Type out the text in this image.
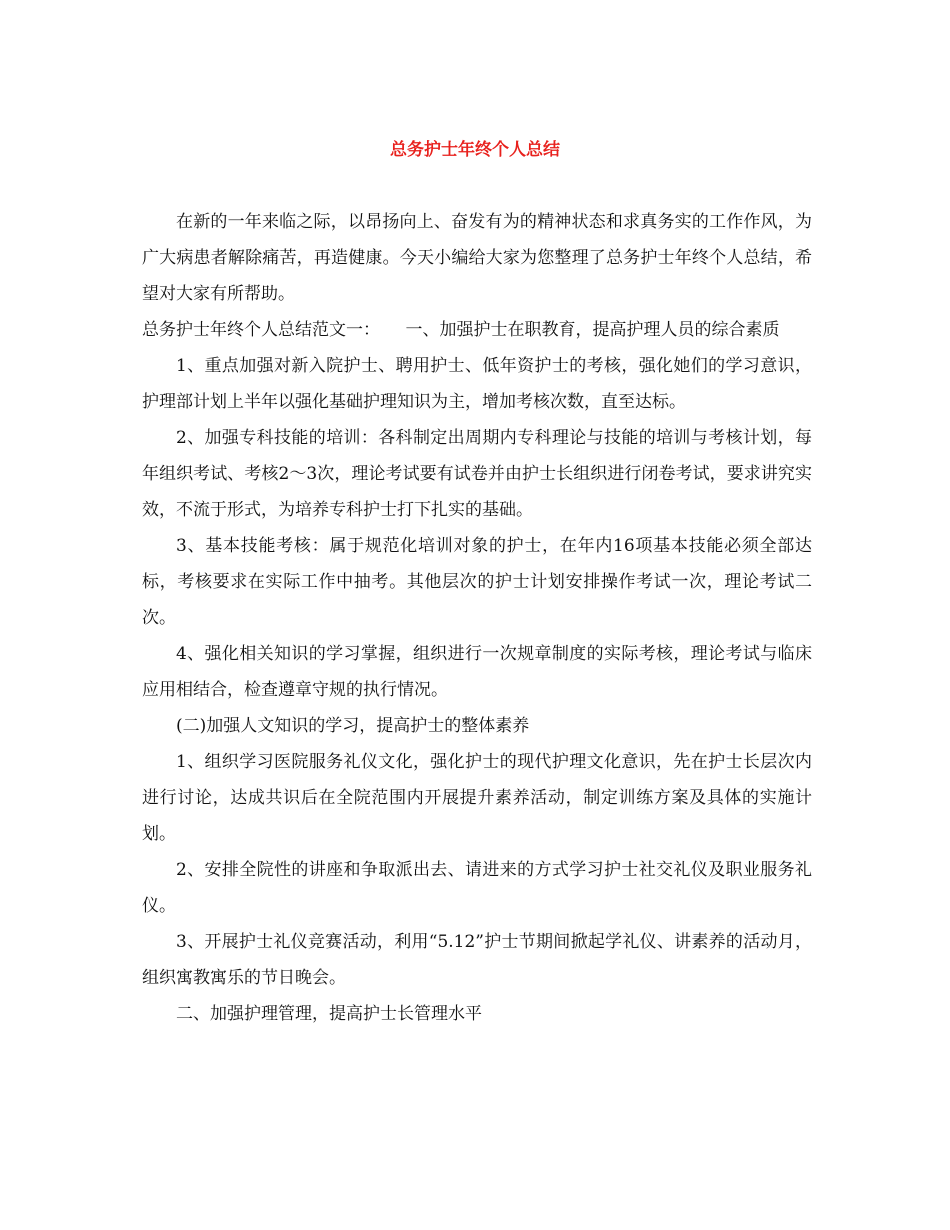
总务护士年终个人总结

在新的一年来临之际，以昂扬向上、奋发有为的精神状态和求真务实的工作作风，为广大病患者解除痛苦，再造健康。今天小编给大家为您整理了总务护士年终个人总结，希望对大家有所帮助。

总务护士年终个人总结范文一：　　一、加强护士在职教育，提高护理人员的综合素质

1、重点加强对新入院护士、聘用护士、低年资护士的考核，强化她们的学习意识，护理部计划上半年以强化基础护理知识为主，增加考核次数，直至达标。

2、加强专科技能的培训：各科制定出周期内专科理论与技能的培训与考核计划，每年组织考试、考核2～3次，理论考试要有试卷并由护士长组织进行闭卷考试，要求讲究实效，不流于形式，为培养专科护士打下扎实的基础。

3、基本技能考核：属于规范化培训对象的护士，在年内16项基本技能必须全部达标，考核要求在实际工作中抽考。其他层次的护士计划安排操作考试一次，理论考试二次。

4、强化相关知识的学习掌握，组织进行一次规章制度的实际考核，理论考试与临床应用相结合，检查遵章守规的执行情况。

(二)加强人文知识的学习，提高护士的整体素养

1、组织学习医院服务礼仪文化，强化护士的现代护理文化意识，先在护士长层次内进行讨论，达成共识后在全院范围内开展提升素养活动，制定训练方案及具体的实施计划。

2、安排全院性的讲座和争取派出去、请进来的方式学习护士社交礼仪及职业服务礼仪。

3、开展护士礼仪竞赛活动，利用“5.12”护士节期间掀起学礼仪、讲素养的活动月，组织寓教寓乐的节日晚会。

二、加强护理管理，提高护士长管理水平
